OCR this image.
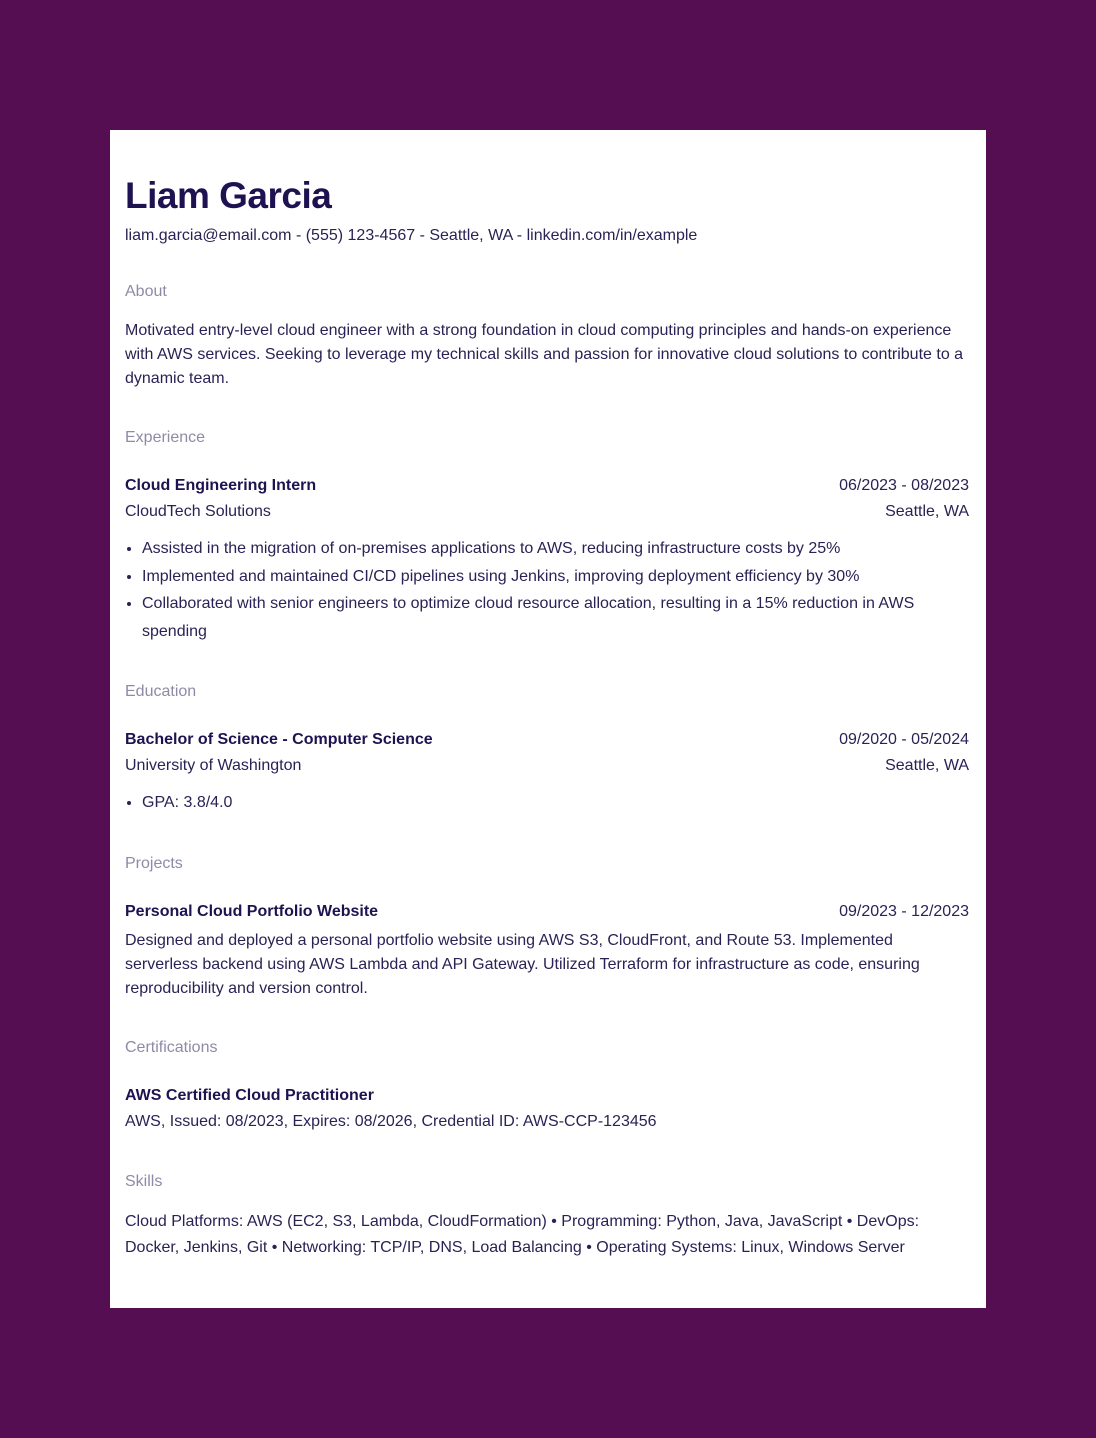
Liam Garcia
liam.garcia@email.com - (555) 123-4567 - Seattle, WA - linkedin.com/in/example
About
Motivated entry-level cloud engineer with a strong foundation in cloud computing principles and hands-on experience with AWS services. Seeking to leverage my technical skills and passion for innovative cloud solutions to contribute to a dynamic team.
Experience
Cloud Engineering Intern	06/2023 - 08/2023
CloudTech Solutions	Seattle, WA
• Assisted in the migration of on-premises applications to AWS, reducing infrastructure costs by 25%
• Implemented and maintained CI/CD pipelines using Jenkins, improving deployment efficiency by 30%
• Collaborated with senior engineers to optimize cloud resource allocation, resulting in a 15% reduction in AWS spending
Education
Bachelor of Science - Computer Science	09/2020 - 05/2024
University of Washington	Seattle, WA
• GPA: 3.8/4.0
Projects
Personal Cloud Portfolio Website	09/2023 - 12/2023
Designed and deployed a personal portfolio website using AWS S3, CloudFront, and Route 53. Implemented serverless backend using AWS Lambda and API Gateway. Utilized Terraform for infrastructure as code, ensuring reproducibility and version control.
Certifications
AWS Certified Cloud Practitioner
AWS, Issued: 08/2023, Expires: 08/2026, Credential ID: AWS-CCP-123456
Skills
Cloud Platforms: AWS (EC2, S3, Lambda, CloudFormation) • Programming: Python, Java, JavaScript • DevOps: Docker, Jenkins, Git • Networking: TCP/IP, DNS, Load Balancing • Operating Systems: Linux, Windows Server
